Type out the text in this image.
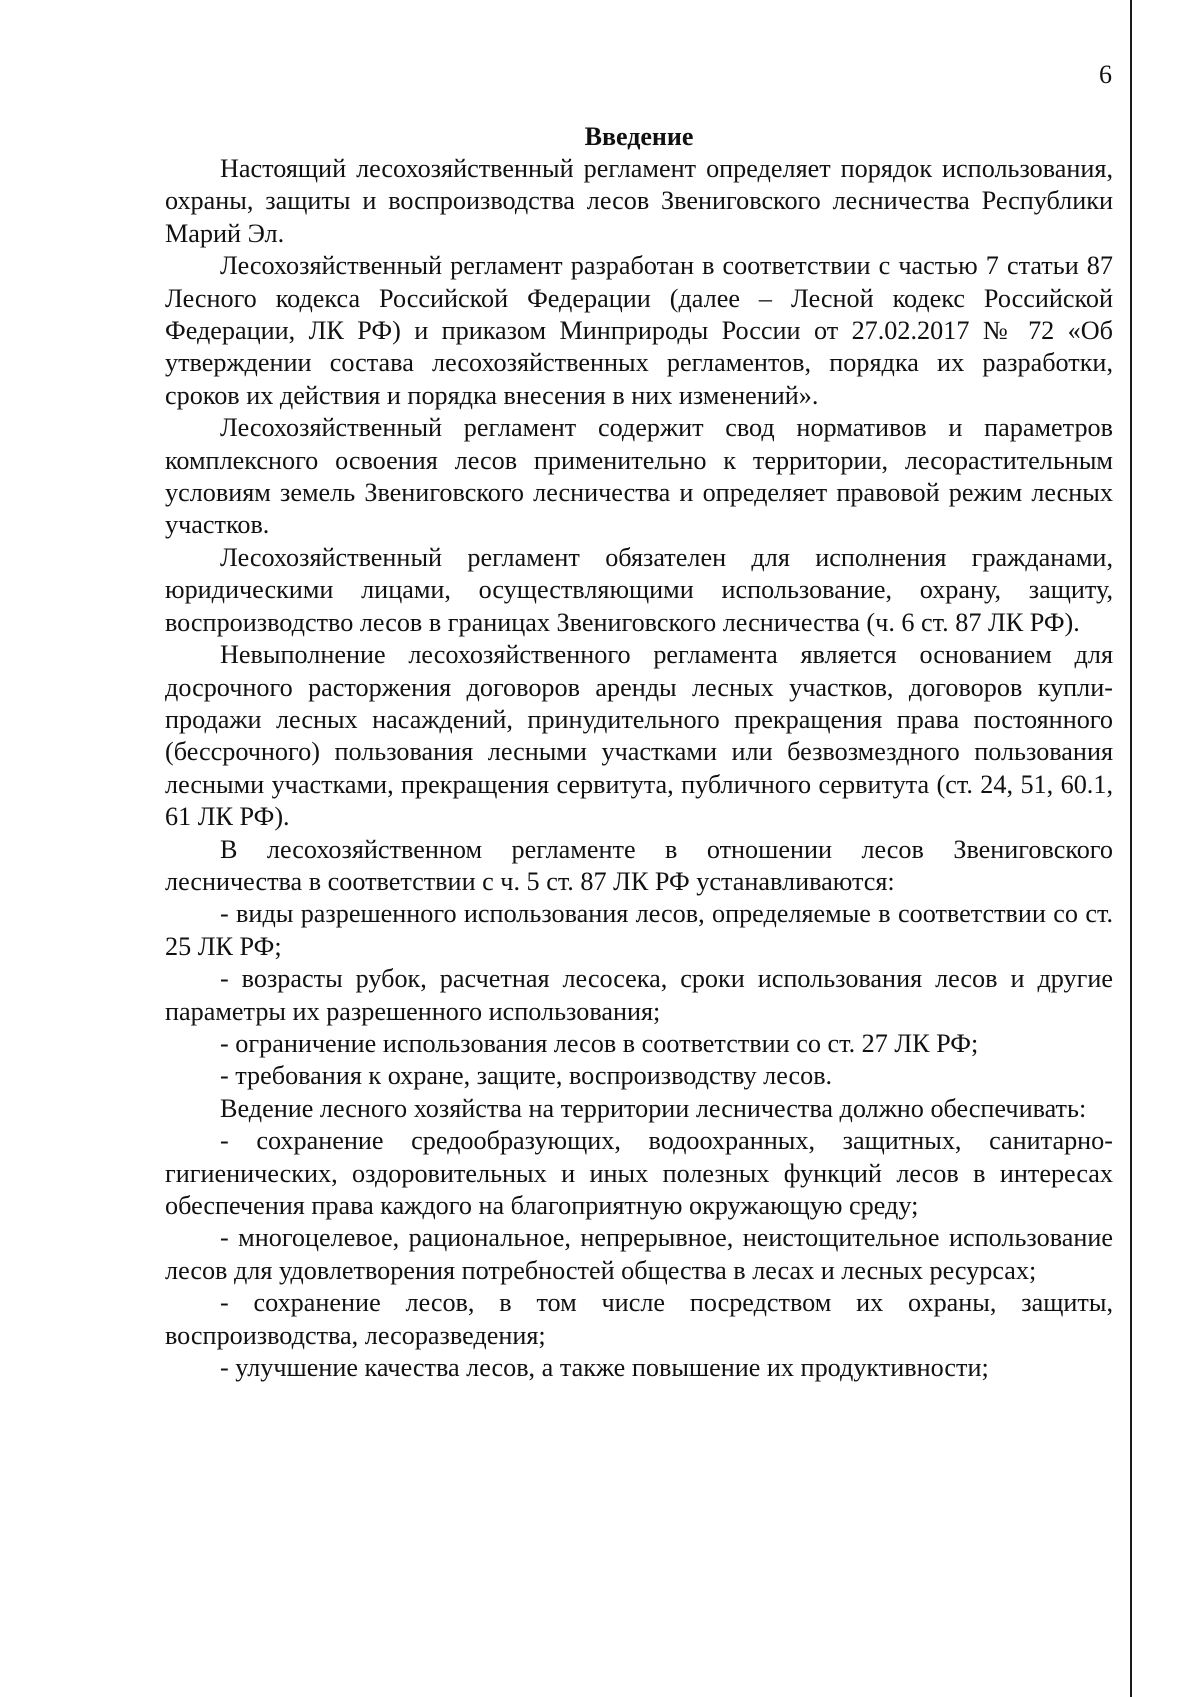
6
Введение

Настоящий лесохозяйственный регламент определяет порядок использования, охраны, защиты и воспроизводства лесов Звениговского лесничества Республики Марий Эл.

Лесохозяйственный регламент разработан в соответствии с частью 7 статьи 87 Лесного кодекса Российской Федерации (далее – Лесной кодекс Российской Федерации, ЛК РФ) и приказом Минприроды России от 27.02.2017 № 72 «Об утверждении состава лесохозяйственных регламентов, порядка их разработки, сроков их действия и порядка внесения в них изменений».

Лесохозяйственный регламент содержит свод нормативов и параметров комплексного освоения лесов применительно к территории, лесорастительным условиям земель Звениговского лесничества и определяет правовой режим лесных участков.

Лесохозяйственный регламент обязателен для исполнения гражданами, юридическими лицами, осуществляющими использование, охрану, защиту, воспроизводство лесов в границах Звениговского лесничества (ч. 6 ст. 87 ЛК РФ).

Невыполнение лесохозяйственного регламента является основанием для досрочного расторжения договоров аренды лесных участков, договоров купли-продажи лесных насаждений, принудительного прекращения права постоянного (бессрочного) пользования лесными участками или безвозмездного пользования лесными участками, прекращения сервитута, публичного сервитута (ст. 24, 51, 60.1, 61 ЛК РФ).

В лесохозяйственном регламенте в отношении лесов Звениговского лесничества в соответствии с ч. 5 ст. 87 ЛК РФ устанавливаются:

- виды разрешенного использования лесов, определяемые в соответствии со ст. 25 ЛК РФ;

- возрасты рубок, расчетная лесосека, сроки использования лесов и другие параметры их разрешенного использования;

- ограничение использования лесов в соответствии со ст. 27 ЛК РФ;

- требования к охране, защите, воспроизводству лесов.

Ведение лесного хозяйства на территории лесничества должно обеспечивать:

- сохранение средообразующих, водоохранных, защитных, санитарно-гигиенических, оздоровительных и иных полезных функций лесов в интересах обеспечения права каждого на благоприятную окружающую среду;

- многоцелевое, рациональное, непрерывное, неистощительное использование лесов для удовлетворения потребностей общества в лесах и лесных ресурсах;

- сохранение лесов, в том числе посредством их охраны, защиты, воспроизводства, лесоразведения;

- улучшение качества лесов, а также повышение их продуктивности;
